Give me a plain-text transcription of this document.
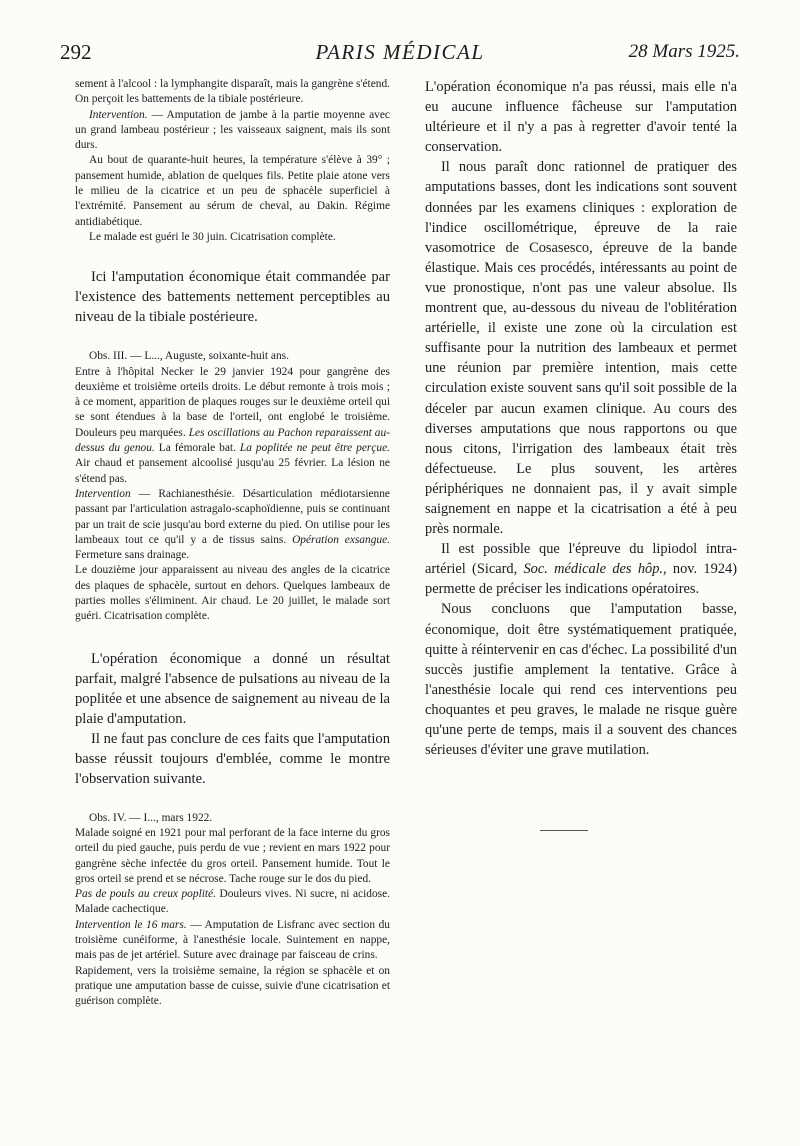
292	PARIS MÉDICAL	28 Mars 1925.

sement à l'alcool : la lymphangite disparaît, mais la gangrène s'étend. On perçoit les battements de la tibiale postérieure.

Intervention. — Amputation de jambe à la partie moyenne avec un grand lambeau postérieur ; les vaisseaux saignent, mais ils sont durs.

Au bout de quarante-huit heures, la température s'élève à 39° ; pansement humide, ablation de quelques fils. Petite plaie atone vers le milieu de la cicatrice et un peu de sphacèle superficiel à l'extrémité. Pansement au sérum de cheval, au Dakin. Régime antidiabétique.

Le malade est guéri le 30 juin. Cicatrisation complète.

Ici l'amputation économique était commandée par l'existence des battements nettement perceptibles au niveau de la tibiale postérieure.

Obs. III. — L..., Auguste, soixante-huit ans.

Entre à l'hôpital Necker le 29 janvier 1924 pour gangrène des deuxième et troisième orteils droits. Le début remonte à trois mois ; à ce moment, apparition de plaques rouges sur le deuxième orteil qui se sont étendues à la base de l'orteil, ont englobé le troisième. Douleurs peu marquées. Les oscillations au Pachon reparaissent au-dessus du genou. La fémorale bat. La poplitée ne peut être perçue. Air chaud et pansement alcoolisé jusqu'au 25 février. La lésion ne s'étend pas.

Intervention — Rachianesthésie. Désarticulation médiotarsienne passant par l'articulation astragalo-scaphoïdienne, puis se continuant par un trait de scie jusqu'au bord externe du pied. On utilise pour les lambeaux tout ce qu'il y a de tissus sains. Opération exsangue. Fermeture sans drainage.

Le douzième jour apparaissent au niveau des angles de la cicatrice des plaques de sphacèle, surtout en dehors. Quelques lambeaux de parties molles s'éliminent. Air chaud. Le 20 juillet, le malade sort guéri. Cicatrisation complète.

L'opération économique a donné un résultat parfait, malgré l'absence de pulsations au niveau de la poplitée et une absence de saignement au niveau de la plaie d'amputation.

Il ne faut pas conclure de ces faits que l'amputation basse réussit toujours d'emblée, comme le montre l'observation suivante.

Obs. IV. — I..., mars 1922.

Malade soigné en 1921 pour mal perforant de la face interne du gros orteil du pied gauche, puis perdu de vue ; revient en mars 1922 pour gangrène sèche infectée du gros orteil. Pansement humide. Tout le gros orteil se prend et se nécrose. Tache rouge sur le dos du pied.

Pas de pouls au creux poplité. Douleurs vives. Ni sucre, ni acidose. Malade cachectique.

Intervention le 16 mars. — Amputation de Lisfranc avec section du troisième cunéiforme, à l'anesthésie locale. Suintement en nappe, mais pas de jet artériel. Suture avec drainage par faisceau de crins.

Rapidement, vers la troisième semaine, la région se sphacèle et on pratique une amputation basse de cuisse, suivie d'une cicatrisation et guérison complète.

L'opération économique n'a pas réussi, mais elle n'a eu aucune influence fâcheuse sur l'amputation ultérieure et il n'y a pas à regretter d'avoir tenté la conservation.

Il nous paraît donc rationnel de pratiquer des amputations basses, dont les indications sont souvent données par les examens cliniques : exploration de l'indice oscillométrique, épreuve de la raie vasomotrice de Cosasesco, épreuve de la bande élastique. Mais ces procédés, intéressants au point de vue pronostique, n'ont pas une valeur absolue. Ils montrent que, au-dessous du niveau de l'oblitération artérielle, il existe une zone où la circulation est suffisante pour la nutrition des lambeaux et permet une réunion par première intention, mais cette circulation existe souvent sans qu'il soit possible de la déceler par aucun examen clinique. Au cours des diverses amputations que nous rapportons ou que nous citons, l'irrigation des lambeaux était très défectueuse. Le plus souvent, les artères périphériques ne donnaient pas, il y avait simple saignement en nappe et la cicatrisation a été à peu près normale.

Il est possible que l'épreuve du lipiodol intra-artériel (Sicard, Soc. médicale des hôp., nov. 1924) permette de préciser les indications opératoires.

Nous concluons que l'amputation basse, économique, doit être systématiquement pratiquée, quitte à réintervenir en cas d'échec. La possibilité d'un succès justifie amplement la tentative. Grâce à l'anesthésie locale qui rend ces interventions peu choquantes et peu graves, le malade ne risque guère qu'une perte de temps, mais il a souvent des chances sérieuses d'éviter une grave mutilation.
